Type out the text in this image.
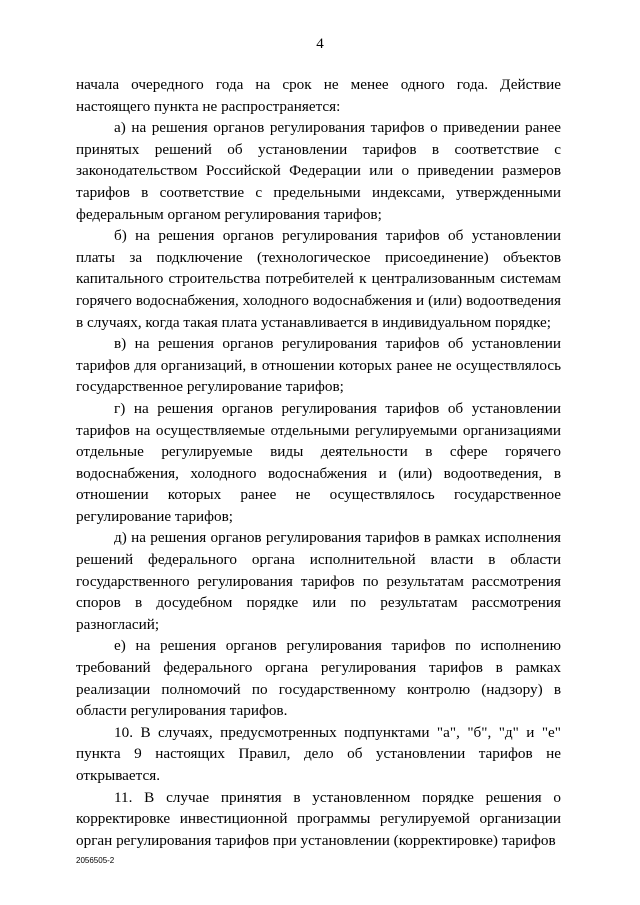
4

начала очередного года на срок не менее одного года. Действие настоящего пункта не распространяется:

а) на решения органов регулирования тарифов о приведении ранее принятых решений об установлении тарифов в соответствие с законодательством Российской Федерации или о приведении размеров тарифов в соответствие с предельными индексами, утвержденными федеральным органом регулирования тарифов;

б) на решения органов регулирования тарифов об установлении платы за подключение (технологическое присоединение) объектов капитального строительства потребителей к централизованным системам горячего водоснабжения, холодного водоснабжения и (или) водоотведения в случаях, когда такая плата устанавливается в индивидуальном порядке;

в) на решения органов регулирования тарифов об установлении тарифов для организаций, в отношении которых ранее не осуществлялось государственное регулирование тарифов;

г) на решения органов регулирования тарифов об установлении тарифов на осуществляемые отдельными регулируемыми организациями отдельные регулируемые виды деятельности в сфере горячего водоснабжения, холодного водоснабжения и (или) водоотведения, в отношении которых ранее не осуществлялось государственное регулирование тарифов;

д) на решения органов регулирования тарифов в рамках исполнения решений федерального органа исполнительной власти в области государственного регулирования тарифов по результатам рассмотрения споров в досудебном порядке или по результатам рассмотрения разногласий;

е) на решения органов регулирования тарифов по исполнению требований федерального органа регулирования тарифов в рамках реализации полномочий по государственному контролю (надзору) в области регулирования тарифов.

10. В случаях, предусмотренных подпунктами "а", "б", "д" и "е" пункта 9 настоящих Правил, дело об установлении тарифов не открывается.

11. В случае принятия в установленном порядке решения о корректировке инвестиционной программы регулируемой организации орган регулирования тарифов при установлении (корректировке) тарифов

2056505-2
